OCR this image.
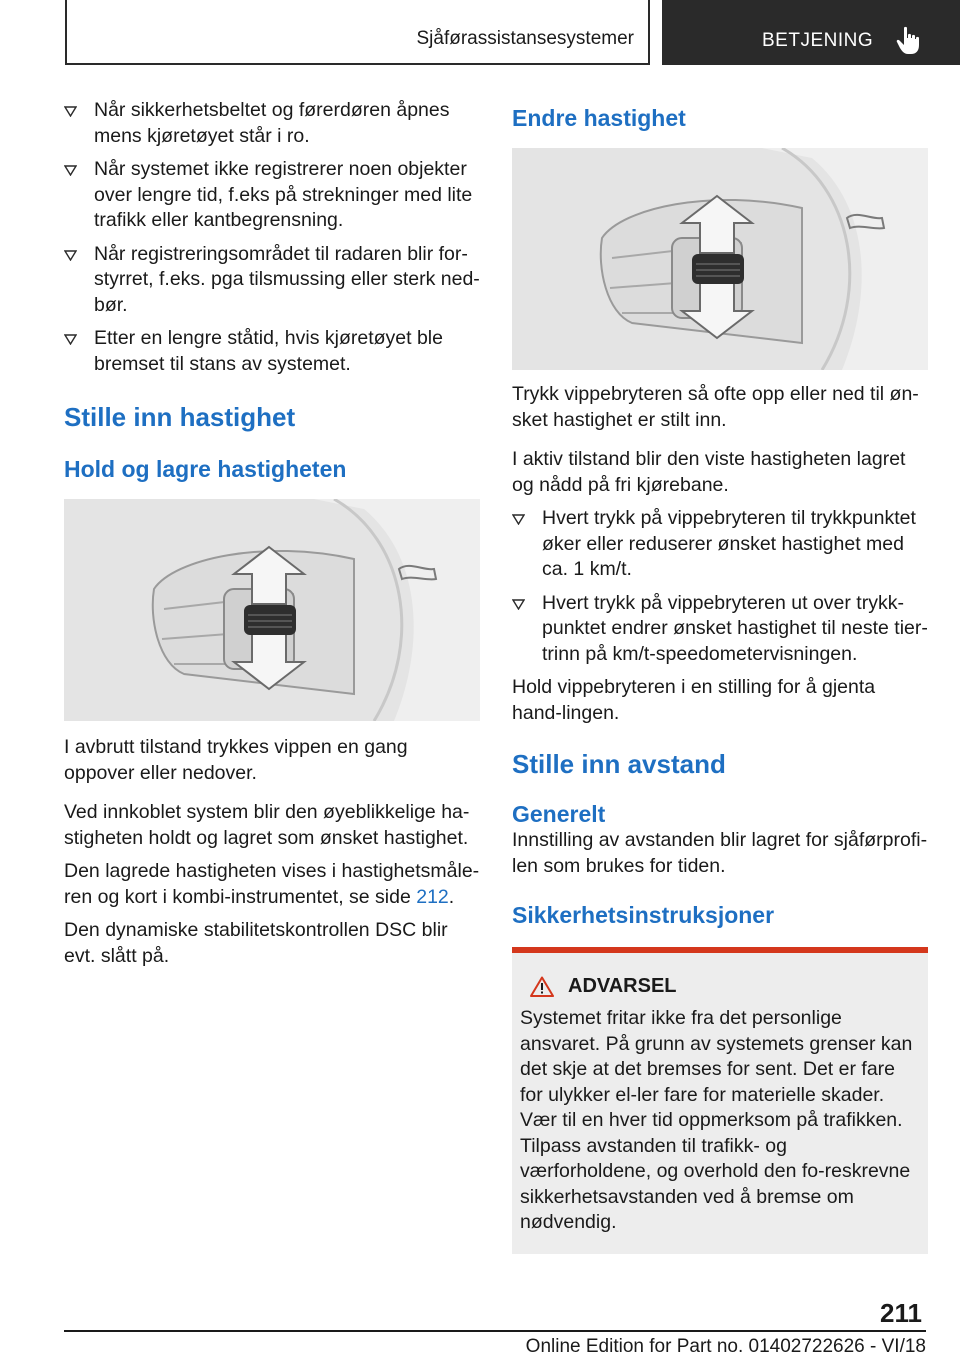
Sjåførassistansesystemer	BETJENING
Når sikkerhetsbeltet og førerdøren åpnes mens kjøretøyet står i ro.
Når systemet ikke registrerer noen objekter over lengre tid, f.eks på strekninger med lite trafikk eller kantbegrensning.
Når registreringsområdet til radaren blir for-styrret, f.eks. pga tilsmussing eller sterk ned-bør.
Etter en lengre ståtid, hvis kjøretøyet ble bremset til stans av systemet.
Stille inn hastighet
Hold og lagre hastigheten

I avbrutt tilstand trykkes vippen en gang oppover eller nedover.

Ved innkoblet system blir den øyeblikkelige ha-stigheten holdt og lagret som ønsket hastighet.

Den lagrede hastigheten vises i hastighetsmåle-ren og kort i kombi-instrumentet, se side 212.

Den dynamiske stabilitetskontrollen DSC blir evt. slått på.

Endre hastighet

Trykk vippebryteren så ofte opp eller ned til øn-sket hastighet er stilt inn.

I aktiv tilstand blir den viste hastigheten lagret og nådd på fri kjørebane.

Hvert trykk på vippebryteren til trykkpunktet øker eller reduserer ønsket hastighet med ca. 1 km/t.
Hvert trykk på vippebryteren ut over trykk-punktet endrer ønsket hastighet til neste tier-trinn på km/t-speedometervisningen.

Hold vippebryteren i en stilling for å gjenta hand-lingen.

Stille inn avstand
Generelt

Innstilling av avstanden blir lagret for sjåførprofi-len som brukes for tiden.

Sikkerhetsinstruksjoner
ADVARSEL

Systemet fritar ikke fra det personlige ansvaret. På grunn av systemets grenser kan det skje at det bremses for sent. Det er fare for ulykker el-ler fare for materielle skader. Vær til en hver tid oppmerksom på trafikken. Tilpass avstanden til trafikk- og værforholdene, og overhold den fo-reskrevne sikkerhetsavstanden ved å bremse om nødvendig.

211
Online Edition for Part no. 01402722626 - VI/18
